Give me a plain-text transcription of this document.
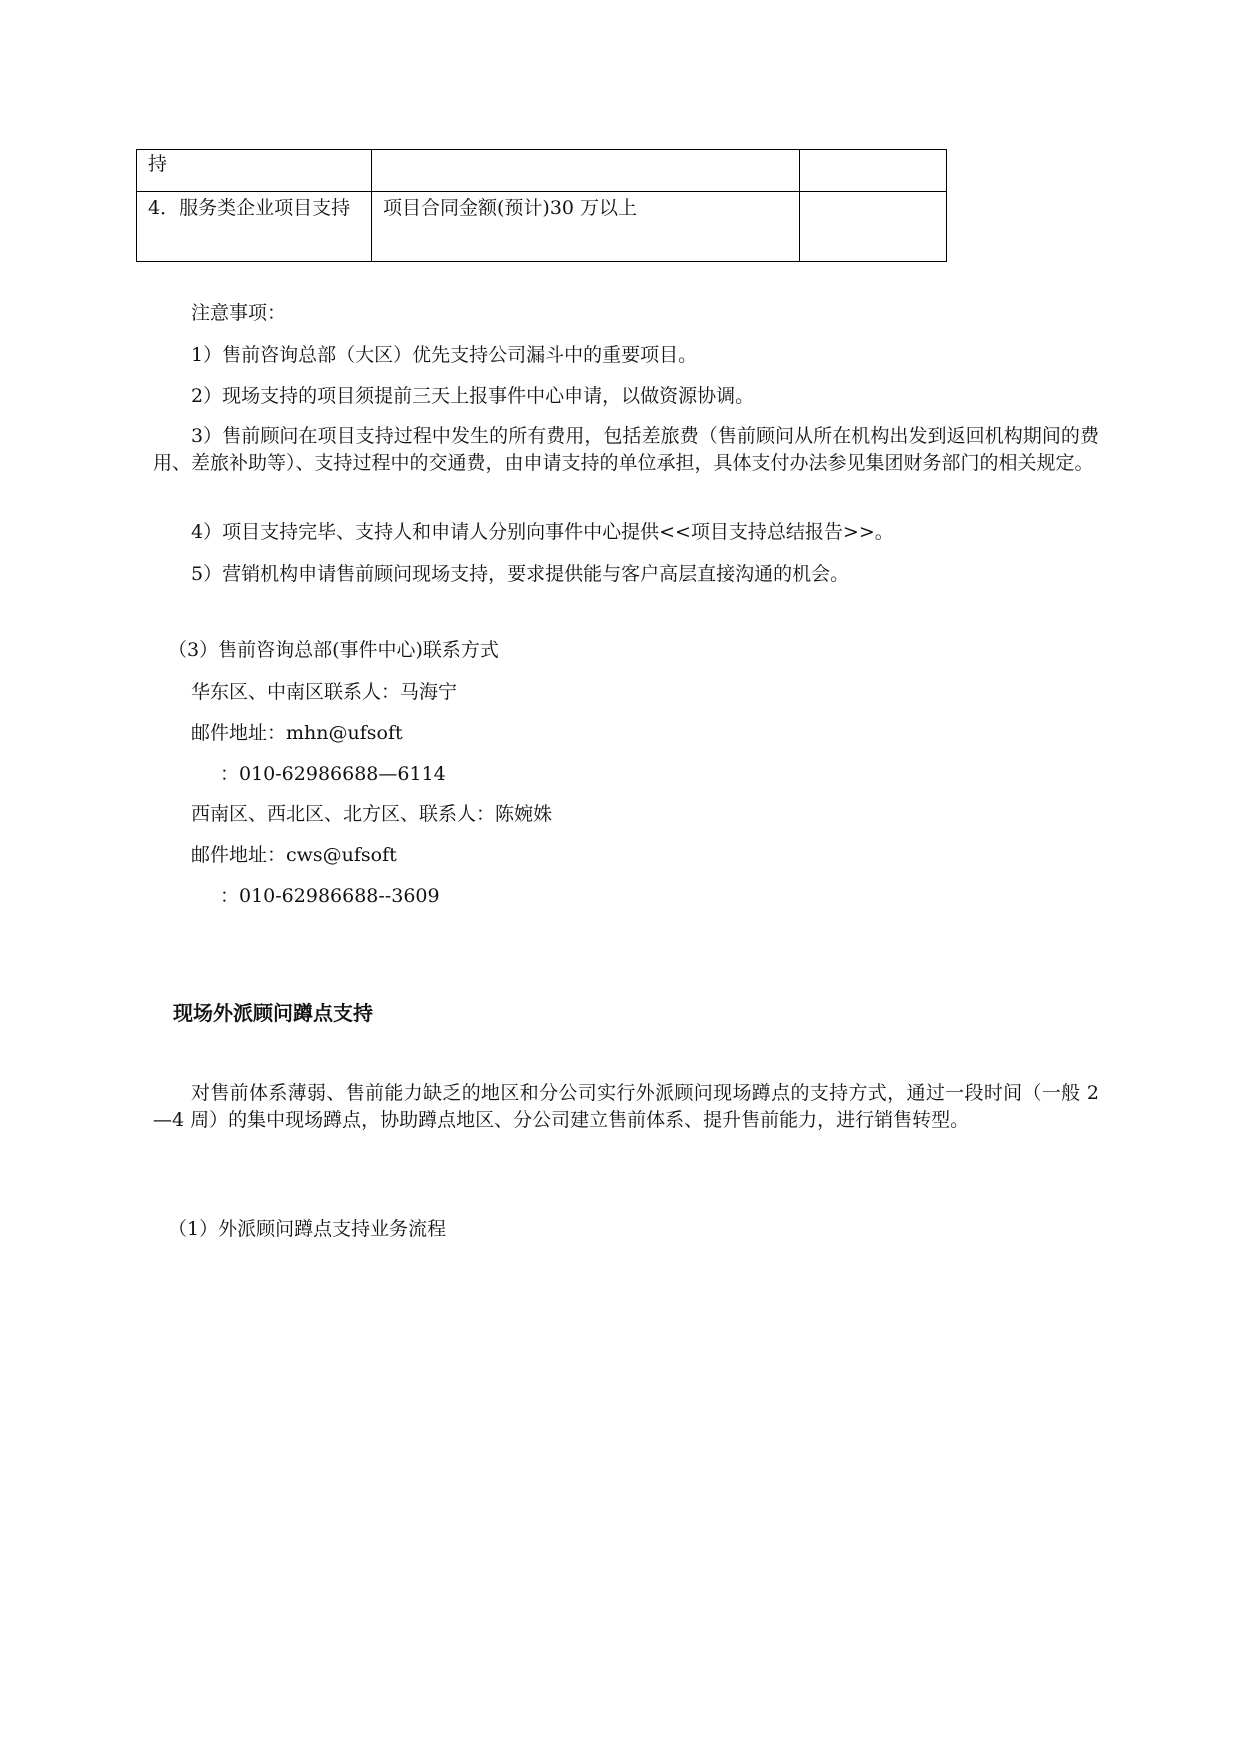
持		
4．服务类企业项目支持	项目合同金额(预计)30 万以上	
注意事项：
1）售前咨询总部（大区）优先支持公司漏斗中的重要项目。
2）现场支持的项目须提前三天上报事件中心申请，以做资源协调。
3）售前顾问在项目支持过程中发生的所有费用，包括差旅费（售前顾问从所在机构出发到返回机构期间的费用、差旅补助等）、支持过程中的交通费，由申请支持的单位承担，具体支付办法参见集团财务部门的相关规定。
4）项目支持完毕、支持人和申请人分别向事件中心提供<<项目支持总结报告>>。
5）营销机构申请售前顾问现场支持，要求提供能与客户高层直接沟通的机会。
（3）售前咨询总部(事件中心)联系方式
华东区、中南区联系人：马海宁
邮件地址：mhn@ufsoft
：010-62986688—6114
西南区、西北区、北方区、联系人：陈婉姝
邮件地址：cws@ufsoft
：010-62986688--3609
现场外派顾问蹲点支持
对售前体系薄弱、售前能力缺乏的地区和分公司实行外派顾问现场蹲点的支持方式，通过一段时间（一般 2—4 周）的集中现场蹲点，协助蹲点地区、分公司建立售前体系、提升售前能力，进行销售转型。
（1）外派顾问蹲点支持业务流程
